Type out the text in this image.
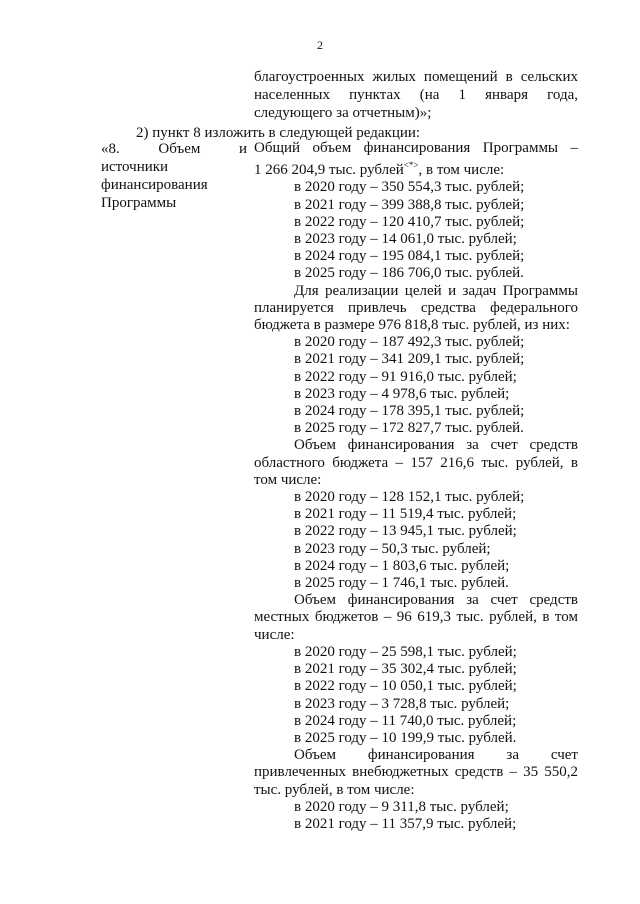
2
благоустроенных жилых помещений в сельских
населенных пунктах (на 1 января года,
следующего за отчетным)»;
2) пункт 8 изложить в следующей редакции:
«8.	Объем	и
источники
финансирования
Программы
Общий объем финансирования Программы –
1 266 204,9 тыс. рублей<*>, в том числе:
в 2020 году – 350 554,3 тыс. рублей;
в 2021 году – 399 388,8 тыс. рублей;
в 2022 году – 120 410,7 тыс. рублей;
в 2023 году – 14 061,0 тыс. рублей;
в 2024 году – 195 084,1 тыс. рублей;
в 2025 году – 186 706,0 тыс. рублей.
Для реализации целей и задач Программы
планируется привлечь средства федерального
бюджета в размере 976 818,8 тыс. рублей, из них:
в 2020 году – 187 492,3 тыс. рублей;
в 2021 году – 341 209,1 тыс. рублей;
в 2022 году – 91 916,0 тыс. рублей;
в 2023 году – 4 978,6 тыс. рублей;
в 2024 году – 178 395,1 тыс. рублей;
в 2025 году – 172 827,7 тыс. рублей.
Объем финансирования за счет средств
областного бюджета – 157 216,6 тыс. рублей, в
том числе:
в 2020 году – 128 152,1 тыс. рублей;
в 2021 году – 11 519,4 тыс. рублей;
в 2022 году – 13 945,1 тыс. рублей;
в 2023 году – 50,3 тыс. рублей;
в 2024 году – 1 803,6 тыс. рублей;
в 2025 году – 1 746,1 тыс. рублей.
Объем финансирования за счет средств
местных бюджетов – 96 619,3 тыс. рублей, в том
числе:
в 2020 году – 25 598,1 тыс. рублей;
в 2021 году – 35 302,4 тыс. рублей;
в 2022 году – 10 050,1 тыс. рублей;
в 2023 году – 3 728,8 тыс. рублей;
в 2024 году – 11 740,0 тыс. рублей;
в 2025 году – 10 199,9 тыс. рублей.
Объем финансирования за счет
привлеченных внебюджетных средств – 35 550,2
тыс. рублей, в том числе:
в 2020 году – 9 311,8 тыс. рублей;
в 2021 году – 11 357,9 тыс. рублей;
